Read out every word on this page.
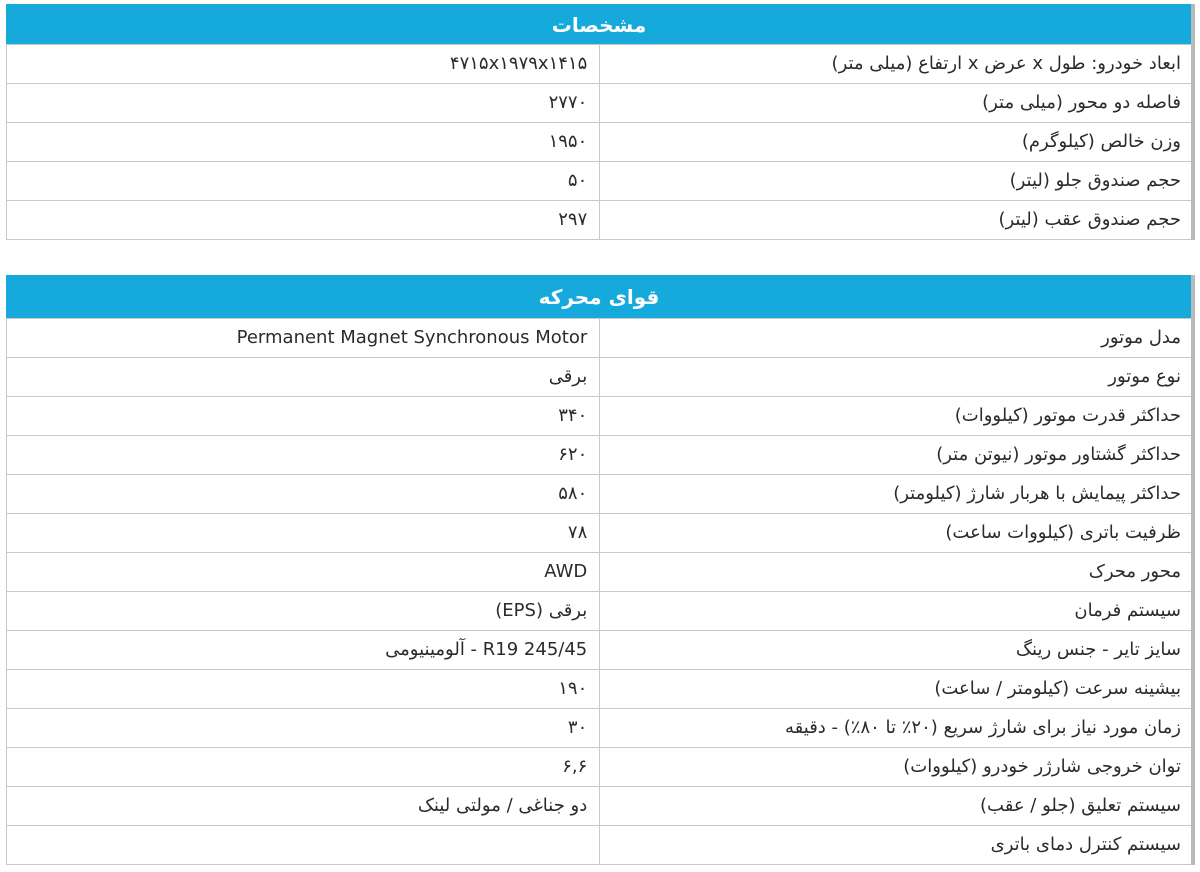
مشخصات	
ابعاد خودرو: طول x عرض x ارتفاع (میلی متر)	۴۷۱۵x۱۹۷۹x۱۴۱۵
فاصله دو محور (میلی متر)	۲۷۷۰
وزن خالص (کیلوگرم)	۱۹۵۰
حجم صندوق جلو (لیتر)	۵۰
حجم صندوق عقب (لیتر)	۲۹۷
قوای محرکه	
مدل موتور	Permanent Magnet Synchronous Motor
نوع موتور	برقی
حداکثر قدرت موتور (کیلووات)	۳۴۰
حداکثر گشتاور موتور (نیوتن متر)	۶۲۰
حداکثر پیمایش با هربار شارژ (کیلومتر)	۵۸۰
ظرفیت باتری (کیلووات ساعت)	۷۸
محور محرک	AWD
سیستم فرمان	برقی (EPS)
سایز تایر - جنس رینگ	245/45 R19 - آلومینیومی
بیشینه سرعت (کیلومتر / ساعت)	۱۹۰
زمان مورد نیاز برای شارژ سریع (۲۰٪ تا ۸۰٪) - دقیقه	۳۰
توان خروجی شارژر خودرو (کیلووات)	۶,۶
سیستم تعلیق (جلو / عقب)	دو جناغی / مولتی لینک
سیستم کنترل دمای باتری	
